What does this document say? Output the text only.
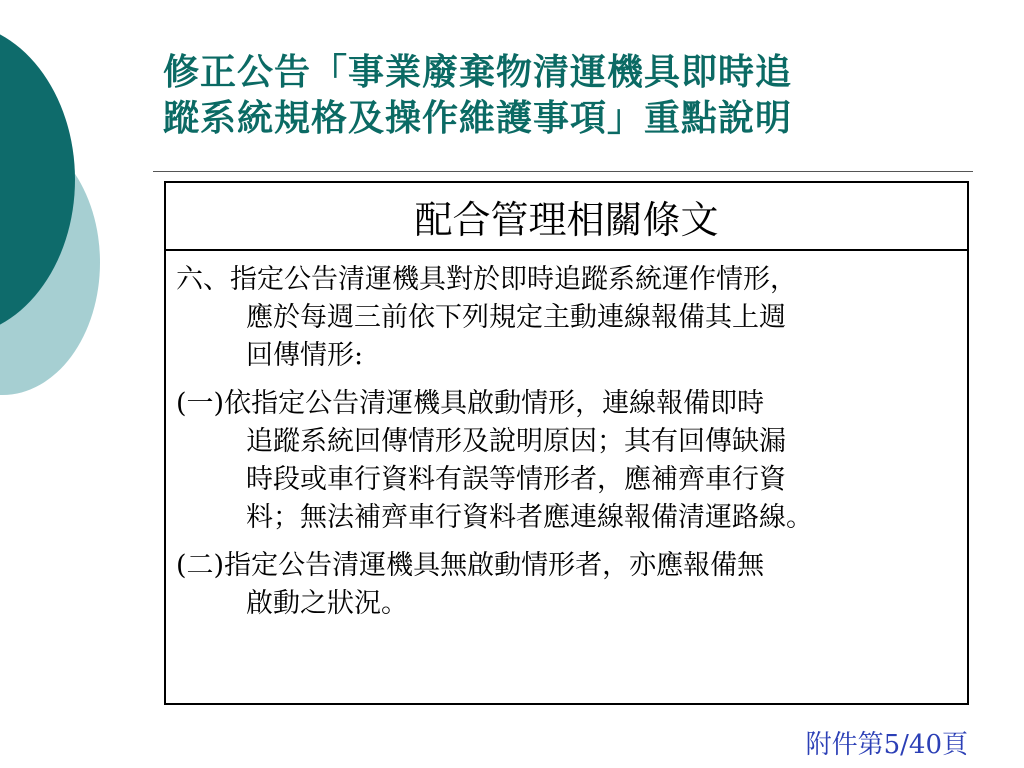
修正公告「事業廢棄物清運機具即時追
蹤系統規格及操作維護事項」重點說明
配合管理相關條文
六、指定公告清運機具對於即時追蹤系統運作情形，
應於每週三前依下列規定主動連線報備其上週
回傳情形:
(一)依指定公告清運機具啟動情形，連線報備即時
追蹤系統回傳情形及說明原因；其有回傳缺漏
時段或車行資料有誤等情形者，應補齊車行資
料；無法補齊車行資料者應連線報備清運路線。
(二)指定公告清運機具無啟動情形者，亦應報備無
啟動之狀況。
附件第5/40頁
